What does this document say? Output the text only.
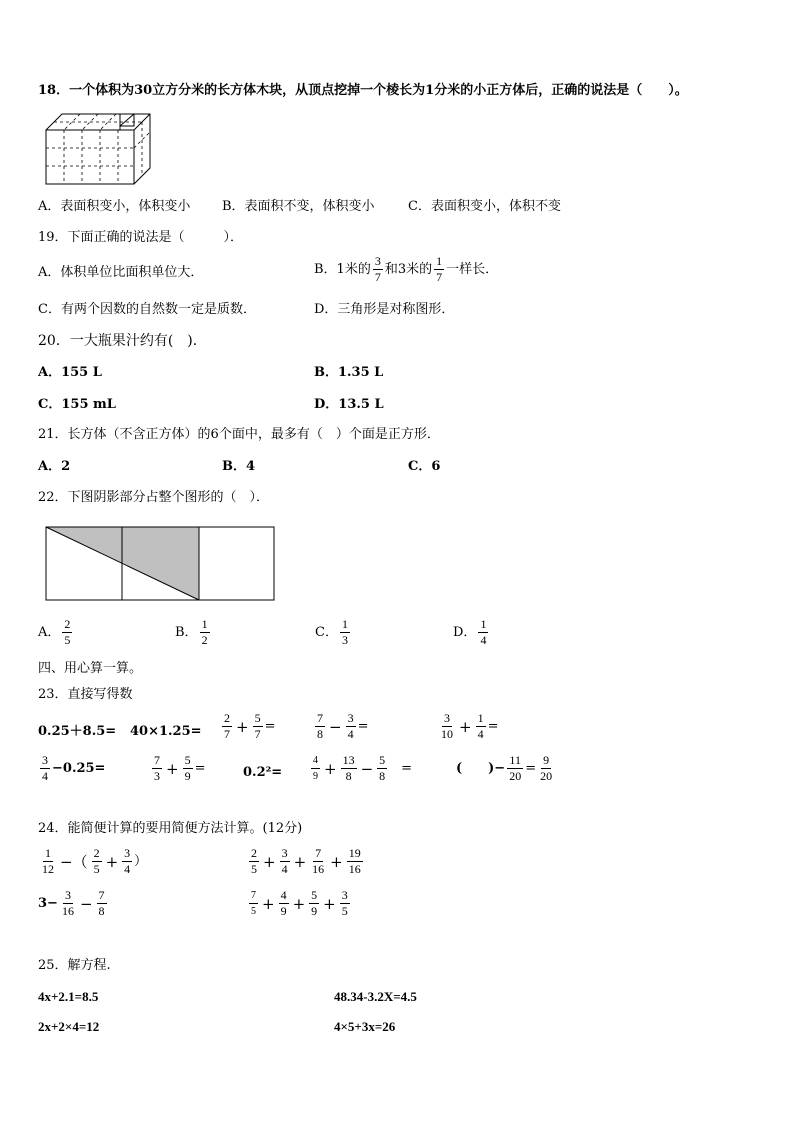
18．一个体积为30立方分米的长方体木块，从顶点挖掉一个棱长为1分米的小正方体后，正确的说法是（　　）。
A．表面积变小，体积变小 B．表面积不变，体积变小	C．表面积变小，体积不变
19．下面正确的说法是（　　　）．
A．体积单位比面积单位大．	B．1米的 $\frac{3}{7}$ 和3米的 $\frac{1}{7}$ 一样长．
C．有两个因数的自然数一定是质数．	D．三角形是对称图形．
20．一大瓶果汁约有(　)．
A．155 L	B．1.35 L
C．155 mL	D．13.5 L
21．长方体（不含正方体）的6个面中，最多有（　）个面是正方形．
A．2	B．4	C．6
22．下图阴影部分占整个图形的（　）．
A． $\frac{2}{5}$	B． $\frac{1}{2}$	C． $\frac{1}{3}$	D． $\frac{1}{4}$
四、用心算一算。
23．直接写得数
$0.25+8.5= 40\times 1.25= \frac{2}{7} + \frac{5}{7}$ =	$\frac{7}{8} - \frac{3}{4}$ =	$\frac{3}{10} + \frac{1}{4}$ =
$\frac{3}{4} -0.25=$	$\frac{7}{3} + \frac{5}{9}$ =	0.2²=	$\frac{4}{9} + \frac{13}{8} - \frac{5}{8}$ =	(　　)− $\frac{11}{20} = \frac{9}{20}$
24．能简便计算的要用简便方法计算。(12分)
$\frac{1}{12}$ −（ $\frac{2}{5} + \frac{3}{4}$ ）	$\frac{2}{5} + \frac{3}{4} + \frac{7}{16} + \frac{19}{16}$
$3- \frac{3}{16} - \frac{7}{8}$	$\frac{7}{5} + \frac{4}{9} + \frac{5}{9} + \frac{3}{5}$
25．解方程.
4x+2.1=8.5	48.34-3.2X=4.5
2x+2×4=12	4×5+3x=26
